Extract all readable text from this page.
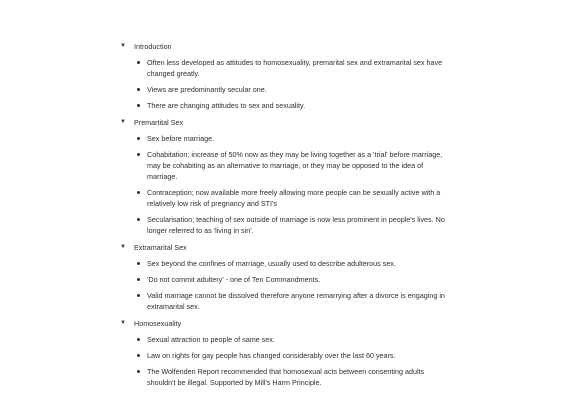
▼	Introduction
Often less developed as attitudes to homosexuality, premarital sex and extramarital sex have changed greatly.
Views are predominantly secular one.
There are changing attitudes to sex and sexuality.
▼	Premartital Sex
Sex before marriage.
Cohabitation; increase of 50% now as they may be living together as a 'trial' before marriage, may be cohabiting as an alternative to marriage, or they may be opposed to the idea of marriage.
Contraception; now available more freely allowing more people can be sexually active with a relatively low risk of pregnancy and STI's
Secularisation; teaching of sex outside of marriage is now less prominent in people's lives. No longer referred to as 'living in sin'.
▼	Extramarital Sex
Sex beyond the confines of marriage, usually used to describe adulterous sex.
'Do not commit adultery' - one of Ten Commandments.
Valid marriage cannot be dissolved therefore anyone remarrying after a divorce is engaging in extramarital sex.
▼	Homosexuality
Sexual attraction to people of same sex.
Law on rights for gay people has changed considerably over the last 60 years.
The Wolfenden Report recommended that homosexual acts between consenting adults shouldn't be illegal. Supported by Mill's Harm Principle.
